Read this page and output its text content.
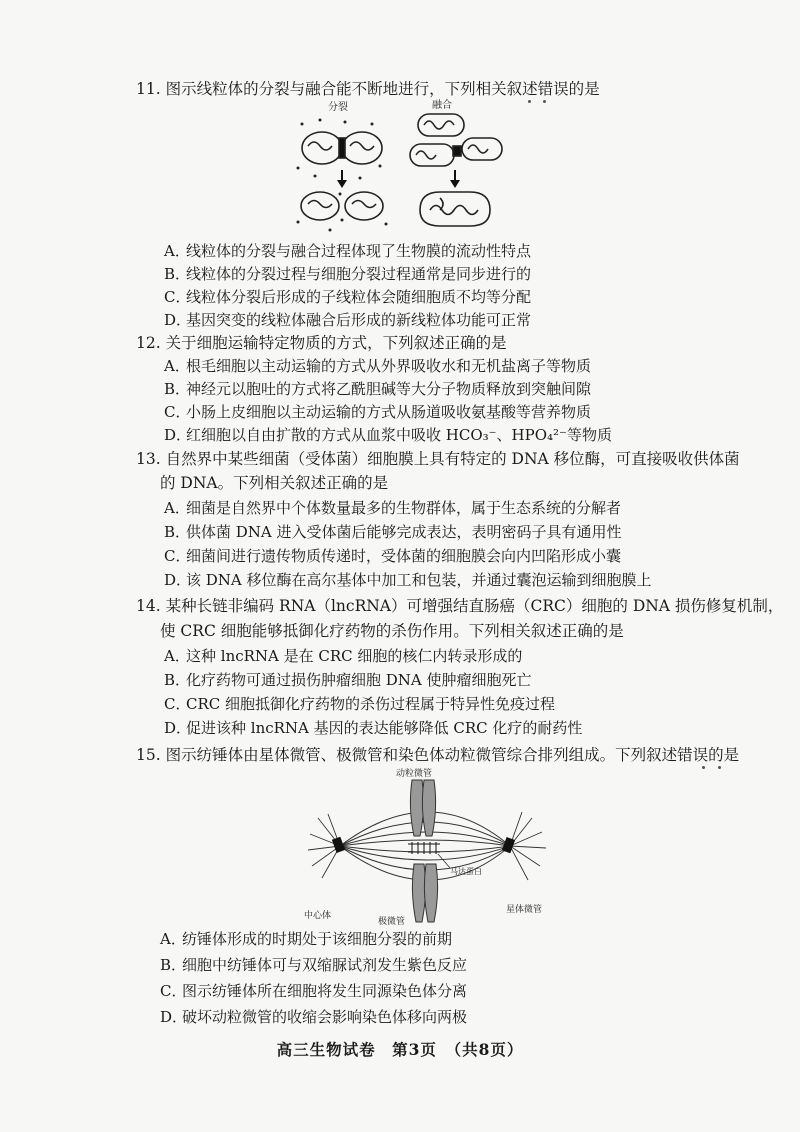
11. 图示线粒体的分裂与融合能不断地进行，下列相关叙述错误的是
分裂	融合
A．线粒体的分裂与融合过程体现了生物膜的流动性特点
B．线粒体的分裂过程与细胞分裂过程通常是同步进行的
C．线粒体分裂后形成的子线粒体会随细胞质不均等分配
D．基因突变的线粒体融合后形成的新线粒体功能可正常
12. 关于细胞运输特定物质的方式，下列叙述正确的是
A．根毛细胞以主动运输的方式从外界吸收水和无机盐离子等物质
B．神经元以胞吐的方式将乙酰胆碱等大分子物质释放到突触间隙
C．小肠上皮细胞以主动运输的方式从肠道吸收氨基酸等营养物质
D．红细胞以自由扩散的方式从血浆中吸收 HCO₃⁻、HPO₄²⁻等物质
13. 自然界中某些细菌（受体菌）细胞膜上具有特定的 DNA 移位酶，可直接吸收供体菌
的 DNA。下列相关叙述正确的是
A．细菌是自然界中个体数量最多的生物群体，属于生态系统的分解者
B．供体菌 DNA 进入受体菌后能够完成表达，表明密码子具有通用性
C．细菌间进行遗传物质传递时，受体菌的细胞膜会向内凹陷形成小囊
D．该 DNA 移位酶在高尔基体中加工和包装，并通过囊泡运输到细胞膜上
14. 某种长链非编码 RNA（lncRNA）可增强结直肠癌（CRC）细胞的 DNA 损伤修复机制，
使 CRC 细胞能够抵御化疗药物的杀伤作用。下列相关叙述正确的是
A．这种 lncRNA 是在 CRC 细胞的核仁内转录形成的
B．化疗药物可通过损伤肿瘤细胞 DNA 使肿瘤细胞死亡
C．CRC 细胞抵御化疗药物的杀伤过程属于特异性免疫过程
D．促进该种 lncRNA 基因的表达能够降低 CRC 化疗的耐药性
15. 图示纺锤体由星体微管、极微管和染色体动粒微管综合排列组成。下列叙述错误的是
动粒微管
马达蛋白
中心体
极微管
星体微管
A．纺锤体形成的时期处于该细胞分裂的前期
B．细胞中纺锤体可与双缩脲试剂发生紫色反应
C．图示纺锤体所在细胞将发生同源染色体分离
D．破坏动粒微管的收缩会影响染色体移向两极
高三生物试卷　第3页　（共8页）
